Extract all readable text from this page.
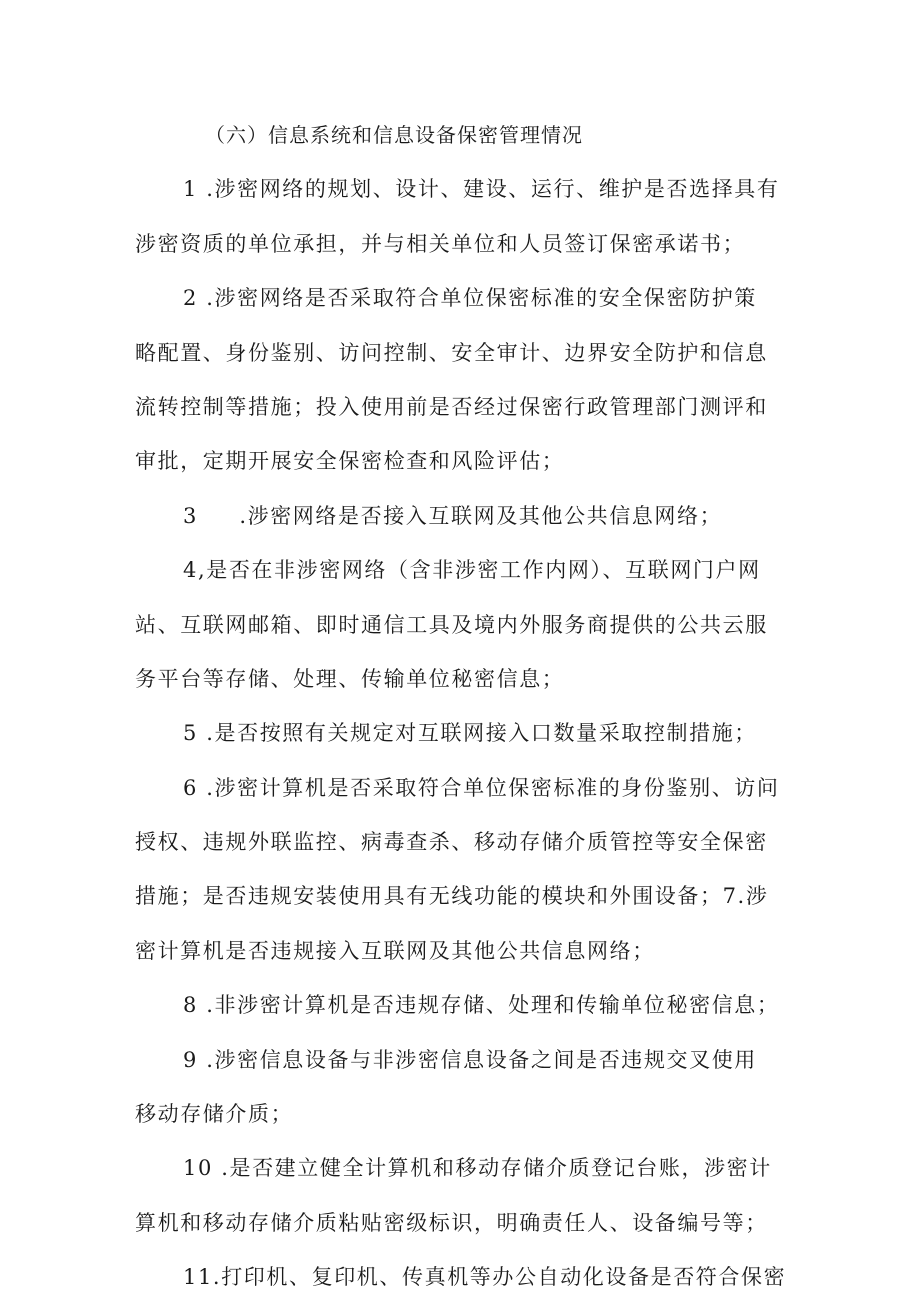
（六）信息系统和信息设备保密管理情况
1 .涉密网络的规划、设计、建设、运行、维护是否选择具有
涉密资质的单位承担，并与相关单位和人员签订保密承诺书；
2 .涉密网络是否采取符合单位保密标准的安全保密防护策
略配置、身份鉴别、访问控制、安全审计、边界安全防护和信息
流转控制等措施；投入使用前是否经过保密行政管理部门测评和
审批，定期开展安全保密检查和风险评估；
3     .涉密网络是否接入互联网及其他公共信息网络；
4,是否在非涉密网络（含非涉密工作内网）、互联网门户网
站、互联网邮箱、即时通信工具及境内外服务商提供的公共云服
务平台等存储、处理、传输单位秘密信息；
5 .是否按照有关规定对互联网接入口数量采取控制措施；
6 .涉密计算机是否采取符合单位保密标准的身份鉴别、访问
授权、违规外联监控、病毒查杀、移动存储介质管控等安全保密
措施；是否违规安装使用具有无线功能的模块和外围设备；7.涉
密计算机是否违规接入互联网及其他公共信息网络；
8 .非涉密计算机是否违规存储、处理和传输单位秘密信息；
9 .涉密信息设备与非涉密信息设备之间是否违规交叉使用
移动存储介质；
10 .是否建立健全计算机和移动存储介质登记台账，涉密计
算机和移动存储介质粘贴密级标识，明确责任人、设备编号等；
11.打印机、复印机、传真机等办公自动化设备是否符合保密
